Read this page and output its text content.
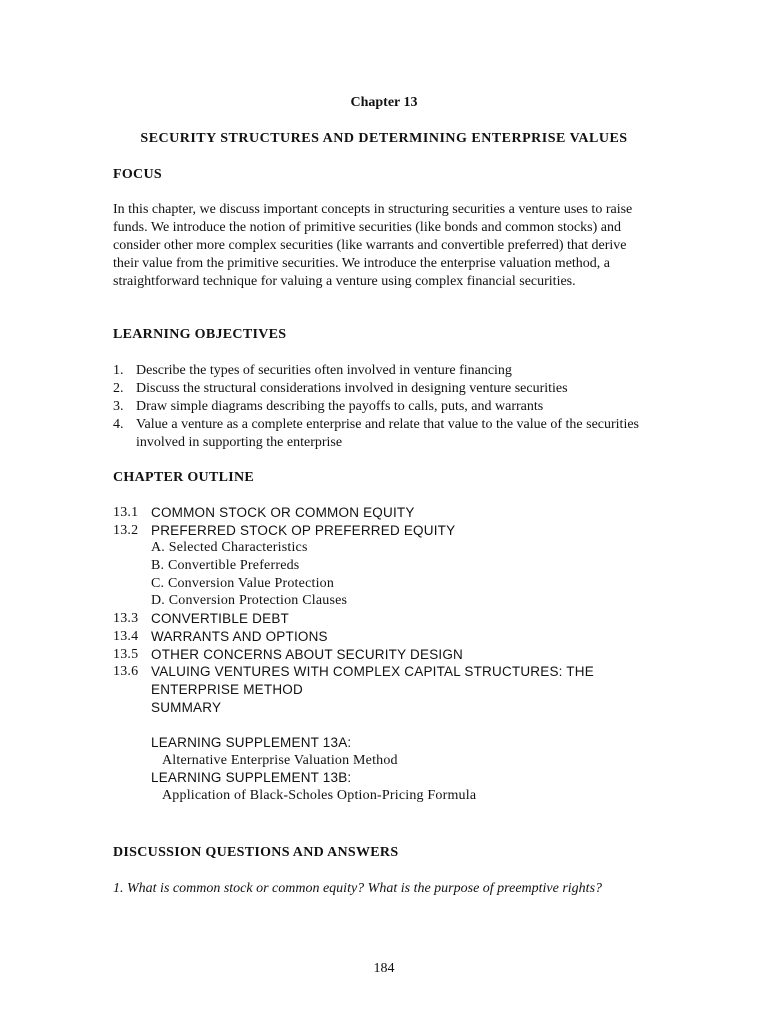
Chapter 13
SECURITY STRUCTURES AND DETERMINING ENTERPRISE VALUES
FOCUS

In this chapter, we discuss important concepts in structuring securities a venture uses to raise funds. We introduce the notion of primitive securities (like bonds and common stocks) and consider other more complex securities (like warrants and convertible preferred) that derive their value from the primitive securities. We introduce the enterprise valuation method, a straightforward technique for valuing a venture using complex financial securities.

LEARNING OBJECTIVES
1. Describe the types of securities often involved in venture financing
2. Discuss the structural considerations involved in designing venture securities
3. Draw simple diagrams describing the payoffs to calls, puts, and warrants
4. Value a venture as a complete enterprise and relate that value to the value of the securities involved in supporting the enterprise
CHAPTER OUTLINE
13.1 COMMON STOCK OR COMMON EQUITY
13.2 PREFERRED STOCK OP PREFERRED EQUITY
A. Selected Characteristics
B. Convertible Preferreds
C. Conversion Value Protection
D. Conversion Protection Clauses
13.3 CONVERTIBLE DEBT
13.4 WARRANTS AND OPTIONS
13.5 OTHER CONCERNS ABOUT SECURITY DESIGN
13.6 VALUING VENTURES WITH COMPLEX CAPITAL STRUCTURES: THE
ENTERPRISE METHOD
SUMMARY
LEARNING SUPPLEMENT 13A:
Alternative Enterprise Valuation Method
LEARNING SUPPLEMENT 13B:
Application of Black-Scholes Option-Pricing Formula
DISCUSSION QUESTIONS AND ANSWERS
1. What is common stock or common equity? What is the purpose of preemptive rights?
184
